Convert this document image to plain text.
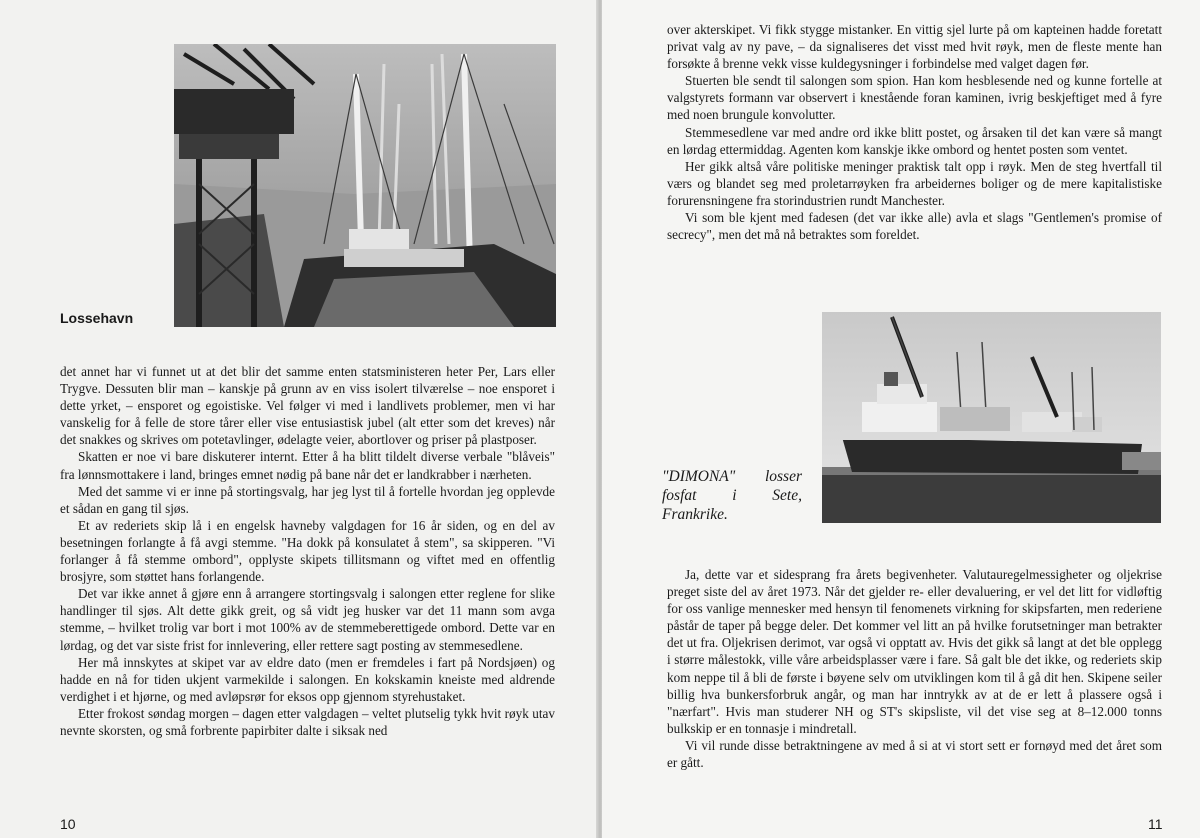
Lossehavn

det annet har vi funnet ut at det blir det samme enten statsministeren heter Per, Lars eller Trygve. Dessuten blir man – kanskje på grunn av en viss isolert tilværelse – noe ensporet i dette yrket, – ensporet og egoistiske. Vel følger vi med i landlivets problemer, men vi har vanskelig for å felle de store tårer eller vise entusiastisk jubel (alt etter som det kreves) når det snakkes og skrives om potetavlinger, ødelagte veier, abortlover og priser på plastposer.

Skatten er noe vi bare diskuterer internt. Etter å ha blitt tildelt diverse verbale "blåveis" fra lønnsmottakere i land, bringes emnet nødig på bane når det er landkrabber i nærheten.

Med det samme vi er inne på stortingsvalg, har jeg lyst til å fortelle hvordan jeg opplevde et sådan en gang til sjøs.

Et av rederiets skip lå i en engelsk havneby valgdagen for 16 år siden, og en del av besetningen forlangte å få avgi stemme. "Ha dokk på konsulatet å stem", sa skipperen. "Vi forlanger å få stemme ombord", opplyste skipets tillitsmann og viftet med en offentlig brosjyre, som støttet hans forlangende.

Det var ikke annet å gjøre enn å arrangere stortingsvalg i salongen etter reglene for slike handlinger til sjøs. Alt dette gikk greit, og så vidt jeg husker var det 11 mann som avga stemme, – hvilket trolig var bort i mot 100% av de stemmeberettigede ombord. Dette var en lørdag, og det var siste frist for innlevering, eller rettere sagt posting av stemmesedlene.

Her må innskytes at skipet var av eldre dato (men er fremdeles i fart på Nordsjøen) og hadde en nå for tiden ukjent varmekilde i salongen. En kokskamin kneiste med aldrende verdighet i et hjørne, og med avløpsrør for eksos opp gjennom styrehustaket.

Etter frokost søndag morgen – dagen etter valgdagen – veltet plutselig tykk hvit røyk utav nevnte skorsten, og små forbrente papirbiter dalte i siksak ned

10

over akterskipet. Vi fikk stygge mistanker. En vittig sjel lurte på om kapteinen hadde foretatt privat valg av ny pave, – da signaliseres det visst med hvit røyk, men de fleste mente han forsøkte å brenne vekk visse kuldegysninger i forbindelse med valget dagen før.

Stuerten ble sendt til salongen som spion. Han kom hesblesende ned og kunne fortelle at valgstyrets formann var observert i knestående foran kaminen, ivrig beskjeftiget med å fyre med noen brungule konvolutter.

Stemmesedlene var med andre ord ikke blitt postet, og årsaken til det kan være så mangt en lørdag ettermiddag. Agenten kom kanskje ikke ombord og hentet posten som ventet.

Her gikk altså våre politiske meninger praktisk talt opp i røyk. Men de steg hvertfall til værs og blandet seg med proletarrøyken fra arbeidernes boliger og de mere kapitalistiske forurensningene fra storindustrien rundt Manchester.

Vi som ble kjent med fadesen (det var ikke alle) avla et slags "Gentlemen's promise of secrecy", men det må nå betraktes som foreldet.

"DIMONA" losser fosfat i Sete, Frankrike.

Ja, dette var et sidesprang fra årets begivenheter. Valutauregelmessigheter og oljekrise preget siste del av året 1973. Når det gjelder re- eller devaluering, er vel det litt for vidløftig for oss vanlige mennesker med hensyn til fenomenets virkning for skipsfarten, men rederiene påstår de taper på begge deler. Det kommer vel litt an på hvilke forutsetninger man betrakter det ut fra. Oljekrisen derimot, var også vi opptatt av. Hvis det gikk så langt at det ble opplegg i større målestokk, ville våre arbeidsplasser være i fare. Så galt ble det ikke, og rederiets skip kom neppe til å bli de første i bøyene selv om utviklingen kom til å gå dit hen. Skipene seiler billig hva bunkersforbruk angår, og man har inntrykk av at de er lett å plassere også i "nærfart". Hvis man studerer NH og ST's skipsliste, vil det vise seg at 8–12.000 tonns bulkskip er en tonnasje i mindretall.

Vi vil runde disse betraktningene av med å si at vi stort sett er fornøyd med det året som er gått.

11
